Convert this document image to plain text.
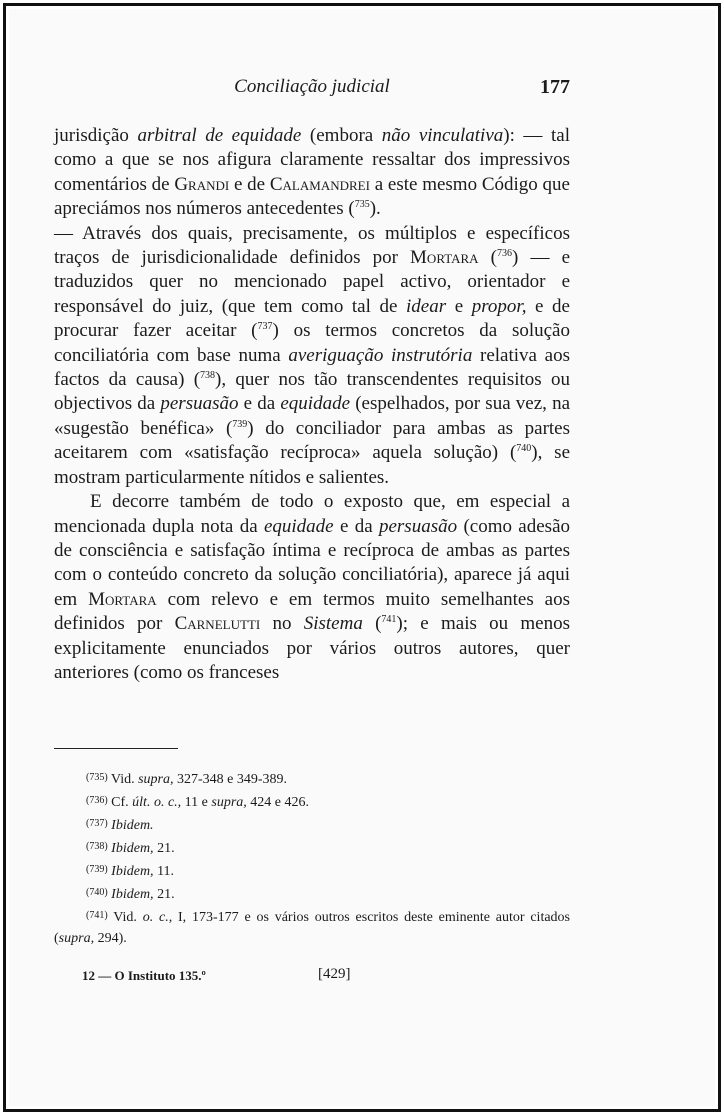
Conciliação judicial	177

jurisdição arbitral de equidade (embora não vinculativa): — tal como a que se nos afigura claramente ressaltar dos impressivos comentários de Grandi e de Calamandrei a este mesmo Código que apreciámos nos números antecedentes ($^{735}$).

— Através dos quais, precisamente, os múltiplos e específicos traços de jurisdicionalidade definidos por Mortara ($^{736}$) — e traduzidos quer no mencionado papel activo, orientador e responsável do juiz, (que tem como tal de idear e propor, e de procurar fazer aceitar ($^{737}$) os termos concretos da solução conciliatória com base numa averiguação instrutória relativa aos factos da causa) ($^{738}$), quer nos tão transcendentes requisitos ou objectivos da persuasão e da equidade (espelhados, por sua vez, na «sugestão benéfica» ($^{739}$) do conciliador para ambas as partes aceitarem com «satisfação recíproca» aquela solução) ($^{740}$), se mostram particularmente nítidos e salientes.

E decorre também de todo o exposto que, em especial a mencionada dupla nota da equidade e da persuasão (como adesão de consciência e satisfação íntima e recíproca de ambas as partes com o conteúdo concreto da solução conciliatória), aparece já aqui em Mortara com relevo e em termos muito semelhantes aos definidos por Carnelutti no Sistema ($^{741}$); e mais ou menos explicitamente enunciados por vários outros autores, quer anteriores (como os franceses

$^{(735)}$ Vid. supra, 327-348 e 349-389.

$^{(736)}$ Cf. últ. o. c., 11 e supra, 424 e 426.

$^{(737)}$ Ibidem.

$^{(738)}$ Ibidem, 21.

$^{(739)}$ Ibidem, 11.

$^{(740)}$ Ibidem, 21.

$^{(741)}$ Vid. o. c., I, 173-177 e os vários outros escritos deste eminente autor citados (supra, 294).

12 — O Instituto 135.º	[429]
